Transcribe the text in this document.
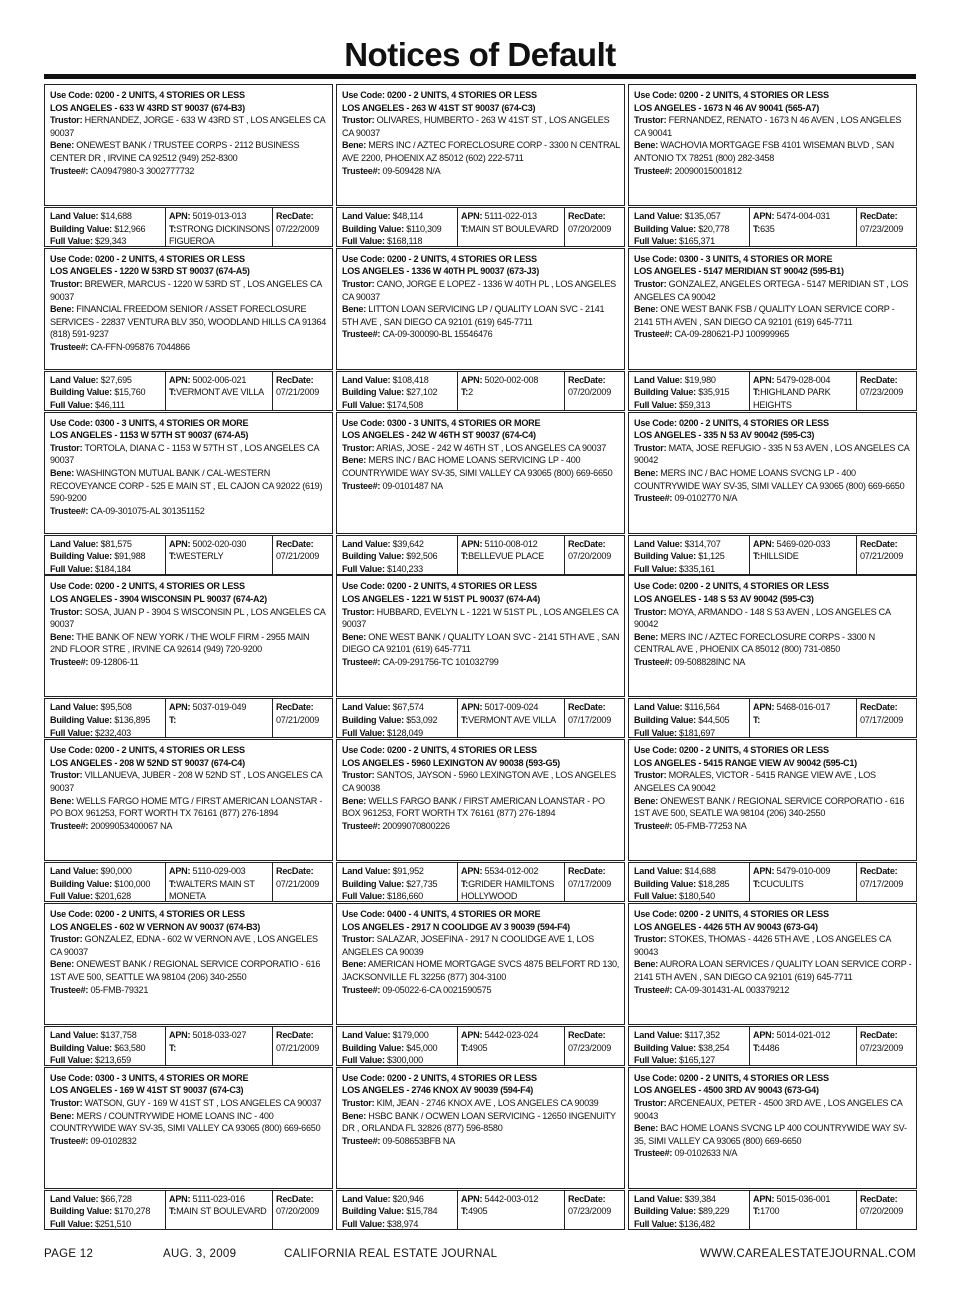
Notices of Default
Use Code: 0200 - 2 UNITS, 4 STORIES OR LESS
LOS ANGELES - 633 W 43RD ST 90037 (674-B3)
Trustor: HERNANDEZ, JORGE - 633 W 43RD ST , LOS ANGELES CA 90037
Bene: ONEWEST BANK / TRUSTEE CORPS - 2112 BUSINESS CENTER DR , IRVINE CA 92512 (949) 252-8300
Trustee#: CA0947980-3 3002777732
Land Value: $14,688
Building Value: $12,966
Full Value: $29,343
APN: 5019-013-013
T:STRONG DICKINSONS FIGUEROA
RecDate:
07/22/2009
Use Code: 0200 - 2 UNITS, 4 STORIES OR LESS
LOS ANGELES - 1220 W 53RD ST 90037 (674-A5)
Trustor: BREWER, MARCUS - 1220 W 53RD ST , LOS ANGELES CA 90037
Bene: FINANCIAL FREEDOM SENIOR / ASSET FORECLOSURE SERVICES - 22837 VENTURA BLV 350, WOODLAND HILLS CA 91364 (818) 591-9237
Trustee#: CA-FFN-095876 7044866
Land Value: $27,695
Building Value: $15,760
Full Value: $46,111
APN: 5002-006-021
T:VERMONT AVE VILLA
RecDate:
07/21/2009
Use Code: 0300 - 3 UNITS, 4 STORIES OR MORE
LOS ANGELES - 1153 W 57TH ST 90037 (674-A5)
Trustor: TORTOLA, DIANA C - 1153 W 57TH ST , LOS ANGELES CA 90037
Bene: WASHINGTON MUTUAL BANK / CAL-WESTERN RECOVEYANCE CORP - 525 E MAIN ST , EL CAJON CA 92022 (619) 590-9200
Trustee#: CA-09-301075-AL 301351152
Land Value: $81,575
Building Value: $91,988
Full Value: $184,184
APN: 5002-020-030
T:WESTERLY
RecDate:
07/21/2009
Use Code: 0200 - 2 UNITS, 4 STORIES OR LESS
LOS ANGELES - 3904 WISCONSIN PL 90037 (674-A2)
Trustor: SOSA, JUAN P - 3904 S WISCONSIN PL , LOS ANGELES CA 90037
Bene: THE BANK OF NEW YORK / THE WOLF FIRM - 2955 MAIN 2ND FLOOR STRE , IRVINE CA 92614 (949) 720-9200
Trustee#: 09-12806-11
Land Value: $95,508
Building Value: $136,895
Full Value: $232,403
APN: 5037-019-049
T:
RecDate:
07/21/2009
Use Code: 0200 - 2 UNITS, 4 STORIES OR LESS
LOS ANGELES - 208 W 52ND ST 90037 (674-C4)
Trustor: VILLANUEVA, JUBER - 208 W 52ND ST , LOS ANGELES CA 90037
Bene: WELLS FARGO HOME MTG / FIRST AMERICAN LOANSTAR - PO BOX 961253, FORT WORTH TX 76161 (877) 276-1894
Trustee#: 20099053400067 NA
Land Value: $90,000
Building Value: $100,000
Full Value: $201,628
APN: 5110-029-003
T:WALTERS MAIN ST MONETA
RecDate:
07/21/2009
Use Code: 0200 - 2 UNITS, 4 STORIES OR LESS
LOS ANGELES - 602 W VERNON AV 90037 (674-B3)
Trustor: GONZALEZ, EDNA - 602 W VERNON AVE , LOS ANGELES CA 90037
Bene: ONEWEST BANK / REGIONAL SERVICE CORPORATIO - 616 1ST AVE 500, SEATTLE WA 98104 (206) 340-2550
Trustee#: 05-FMB-79321
Land Value: $137,758
Building Value: $63,580
Full Value: $213,659
APN: 5018-033-027
T:
RecDate:
07/21/2009
Use Code: 0300 - 3 UNITS, 4 STORIES OR MORE
LOS ANGELES - 169 W 41ST ST 90037 (674-C3)
Trustor: WATSON, GUY - 169 W 41ST ST , LOS ANGELES CA 90037
Bene: MERS / COUNTRYWIDE HOME LOANS INC - 400 COUNTRYWIDE WAY SV-35, SIMI VALLEY CA 93065 (800) 669-6650
Trustee#: 09-0102832
Land Value: $66,728
Building Value: $170,278
Full Value: $251,510
APN: 5111-023-016
T:MAIN ST BOULEVARD
RecDate:
07/20/2009
Use Code: 0200 - 2 UNITS, 4 STORIES OR LESS
LOS ANGELES - 263 W 41ST ST 90037 (674-C3)
Trustor: OLIVARES, HUMBERTO - 263 W 41ST ST , LOS ANGELES CA 90037
Bene: MERS INC / AZTEC FORECLOSURE CORP - 3300 N CENTRAL AVE 2200, PHOENIX AZ 85012 (602) 222-5711
Trustee#: 09-509428 N/A
Land Value: $48,114
Building Value: $110,309
Full Value: $168,118
APN: 5111-022-013
T:MAIN ST BOULEVARD
RecDate:
07/20/2009
Use Code: 0200 - 2 UNITS, 4 STORIES OR LESS
LOS ANGELES - 1336 W 40TH PL 90037 (673-J3)
Trustor: CANO, JORGE E LOPEZ - 1336 W 40TH PL , LOS ANGELES CA 90037
Bene: LITTON LOAN SERVICING LP / QUALITY LOAN SVC - 2141 5TH AVE , SAN DIEGO CA 92101 (619) 645-7711
Trustee#: CA-09-300090-BL 15546476
Land Value: $108,418
Building Value: $27,102
Full Value: $174,508
APN: 5020-002-008
T:2
RecDate:
07/20/2009
Use Code: 0300 - 3 UNITS, 4 STORIES OR MORE
LOS ANGELES - 242 W 46TH ST 90037 (674-C4)
Trustor: ARIAS, JOSE - 242 W 46TH ST , LOS ANGELES CA 90037
Bene: MERS INC / BAC HOME LOANS SERVICING LP - 400 COUNTRYWIDE WAY SV-35, SIMI VALLEY CA 93065 (800) 669-6650
Trustee#: 09-0101487 NA
Land Value: $39,642
Building Value: $92,506
Full Value: $140,233
APN: 5110-008-012
T:BELLEVUE PLACE
RecDate:
07/20/2009
Use Code: 0200 - 2 UNITS, 4 STORIES OR LESS
LOS ANGELES - 1221 W 51ST PL 90037 (674-A4)
Trustor: HUBBARD, EVELYN L - 1221 W 51ST PL , LOS ANGELES CA 90037
Bene: ONE WEST BANK / QUALITY LOAN SVC - 2141 5TH AVE , SAN DIEGO CA 92101 (619) 645-7711
Trustee#: CA-09-291756-TC 101032799
Land Value: $67,574
Building Value: $53,092
Full Value: $128,049
APN: 5017-009-024
T:VERMONT AVE VILLA
RecDate:
07/17/2009
Use Code: 0200 - 2 UNITS, 4 STORIES OR LESS
LOS ANGELES - 5960 LEXINGTON AV 90038 (593-G5)
Trustor: SANTOS, JAYSON - 5960 LEXINGTON AVE , LOS ANGELES CA 90038
Bene: WELLS FARGO BANK / FIRST AMERICAN LOANSTAR - PO BOX 961253, FORT WORTH TX 76161 (877) 276-1894
Trustee#: 20099070800226
Land Value: $91,952
Building Value: $27,735
Full Value: $186,660
APN: 5534-012-002
T:GRIDER HAMILTONS HOLLYWOOD
RecDate:
07/17/2009
Use Code: 0400 - 4 UNITS, 4 STORIES OR MORE
LOS ANGELES - 2917 N COOLIDGE AV 3 90039 (594-F4)
Trustor: SALAZAR, JOSEFINA - 2917 N COOLIDGE AVE 1, LOS ANGELES CA 90039
Bene: AMERICAN HOME MORTGAGE SVCS 4875 BELFORT RD 130, JACKSONVILLE FL 32256 (877) 304-3100
Trustee#: 09-05022-6-CA 0021590575
Land Value: $179,000
Building Value: $45,000
Full Value: $300,000
APN: 5442-023-024
T:4905
RecDate:
07/23/2009
Use Code: 0200 - 2 UNITS, 4 STORIES OR LESS
LOS ANGELES - 2746 KNOX AV 90039 (594-F4)
Trustor: KIM, JEAN - 2746 KNOX AVE , LOS ANGELES CA 90039
Bene: HSBC BANK / OCWEN LOAN SERVICING - 12650 INGENUITY DR , ORLANDA FL 32826 (877) 596-8580
Trustee#: 09-508653BFB NA
Land Value: $20,946
Building Value: $15,784
Full Value: $38,974
APN: 5442-003-012
T:4905
RecDate:
07/23/2009
Use Code: 0200 - 2 UNITS, 4 STORIES OR LESS
LOS ANGELES - 1673 N 46 AV 90041 (565-A7)
Trustor: FERNANDEZ, RENATO - 1673 N 46 AVEN , LOS ANGELES CA 90041
Bene: WACHOVIA MORTGAGE FSB 4101 WISEMAN BLVD , SAN ANTONIO TX 78251 (800) 282-3458
Trustee#: 20090015001812
Land Value: $135,057
Building Value: $20,778
Full Value: $165,371
APN: 5474-004-031
T:635
RecDate:
07/23/2009
Use Code: 0300 - 3 UNITS, 4 STORIES OR MORE
LOS ANGELES - 5147 MERIDIAN ST 90042 (595-B1)
Trustor: GONZALEZ, ANGELES ORTEGA - 5147 MERIDIAN ST , LOS ANGELES CA 90042
Bene: ONE WEST BANK FSB / QUALITY LOAN SERVICE CORP - 2141 5TH AVEN , SAN DIEGO CA 92101 (619) 645-7711
Trustee#: CA-09-280621-PJ 100999965
Land Value: $19,980
Building Value: $35,915
Full Value: $59,313
APN: 5479-028-004
T:HIGHLAND PARK HEIGHTS
RecDate:
07/23/2009
Use Code: 0200 - 2 UNITS, 4 STORIES OR LESS
LOS ANGELES - 335 N 53 AV 90042 (595-C3)
Trustor: MATA, JOSE REFUGIO - 335 N 53 AVEN , LOS ANGELES CA 90042
Bene: MERS INC / BAC HOME LOANS SVCNG LP - 400 COUNTRYWIDE WAY SV-35, SIMI VALLEY CA 93065 (800) 669-6650
Trustee#: 09-0102770 N/A
Land Value: $314,707
Building Value: $1,125
Full Value: $335,161
APN: 5469-020-033
T:HILLSIDE
RecDate:
07/21/2009
Use Code: 0200 - 2 UNITS, 4 STORIES OR LESS
LOS ANGELES - 148 S 53 AV 90042 (595-C3)
Trustor: MOYA, ARMANDO - 148 S 53 AVEN , LOS ANGELES CA 90042
Bene: MERS INC / AZTEC FORECLOSURE CORPS - 3300 N CENTRAL AVE , PHOENIX CA 85012 (800) 731-0850
Trustee#: 09-508828INC NA
Land Value: $116,564
Building Value: $44,505
Full Value: $181,697
APN: 5468-016-017
T:
RecDate:
07/17/2009
Use Code: 0200 - 2 UNITS, 4 STORIES OR LESS
LOS ANGELES - 5415 RANGE VIEW AV 90042 (595-C1)
Trustor: MORALES, VICTOR - 5415 RANGE VIEW AVE , LOS ANGELES CA 90042
Bene: ONEWEST BANK / REGIONAL SERVICE CORPORATIO - 616 1ST AVE 500, SEATLE WA 98104 (206) 340-2550
Trustee#: 05-FMB-77253 NA
Land Value: $14,688
Building Value: $18,285
Full Value: $180,540
APN: 5479-010-009
T:CUCULITS
RecDate:
07/17/2009
Use Code: 0200 - 2 UNITS, 4 STORIES OR LESS
LOS ANGELES - 4426 5TH AV 90043 (673-G4)
Trustor: STOKES, THOMAS - 4426 5TH AVE , LOS ANGELES CA 90043
Bene: AURORA LOAN SERVICES / QUALITY LOAN SERVICE CORP - 2141 5TH AVEN , SAN DIEGO CA 92101 (619) 645-7711
Trustee#: CA-09-301431-AL 003379212
Land Value: $117,352
Building Value: $38,254
Full Value: $165,127
APN: 5014-021-012
T:4486
RecDate:
07/23/2009
Use Code: 0200 - 2 UNITS, 4 STORIES OR LESS
LOS ANGELES - 4500 3RD AV 90043 (673-G4)
Trustor: ARCENEAUX, PETER - 4500 3RD AVE , LOS ANGELES CA 90043
Bene: BAC HOME LOANS SVCNG LP 400 COUNTRYWIDE WAY SV-35, SIMI VALLEY CA 93065 (800) 669-6650
Trustee#: 09-0102633 N/A
Land Value: $39,384
Building Value: $89,229
Full Value: $136,482
APN: 5015-036-001
T:1700
RecDate:
07/20/2009
PAGE 12	AUG. 3, 2009	CALIFORNIA REAL ESTATE JOURNAL	WWW.CAREALESTATEJOURNAL.COM
